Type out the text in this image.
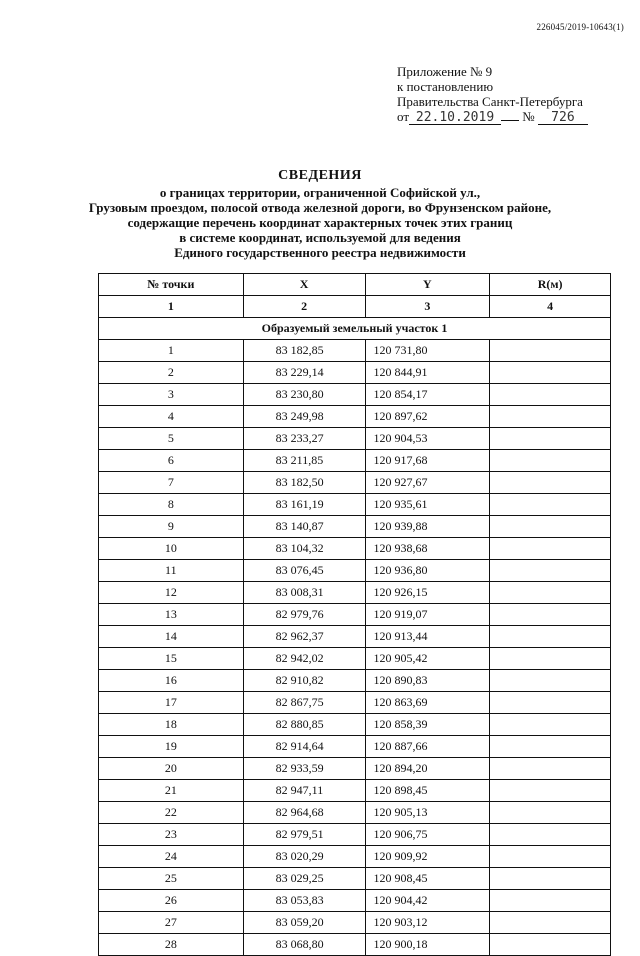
226045/2019-10643(1)
Приложение № 9
к постановлению
Правительства Санкт-Петербурга
от 22.10.2019 № 726
СВЕДЕНИЯ
о границах территории, ограниченной Софийской ул.,
Грузовым проездом, полосой отвода железной дороги, во Фрунзенском районе,
содержащие перечень координат характерных точек этих границ
в системе координат, используемой для ведения
Единого государственного реестра недвижимости
№ точки	X	Y	R(м)
1	2	3	4
Образуемый земельный участок 1			
1	83 182,85	120 731,80	
2	83 229,14	120 844,91	
3	83 230,80	120 854,17	
4	83 249,98	120 897,62	
5	83 233,27	120 904,53	
6	83 211,85	120 917,68	
7	83 182,50	120 927,67	
8	83 161,19	120 935,61	
9	83 140,87	120 939,88	
10	83 104,32	120 938,68	
11	83 076,45	120 936,80	
12	83 008,31	120 926,15	
13	82 979,76	120 919,07	
14	82 962,37	120 913,44	
15	82 942,02	120 905,42	
16	82 910,82	120 890,83	
17	82 867,75	120 863,69	
18	82 880,85	120 858,39	
19	82 914,64	120 887,66	
20	82 933,59	120 894,20	
21	82 947,11	120 898,45	
22	82 964,68	120 905,13	
23	82 979,51	120 906,75	
24	83 020,29	120 909,92	
25	83 029,25	120 908,45	
26	83 053,83	120 904,42	
27	83 059,20	120 903,12	
28	83 068,80	120 900,18	
